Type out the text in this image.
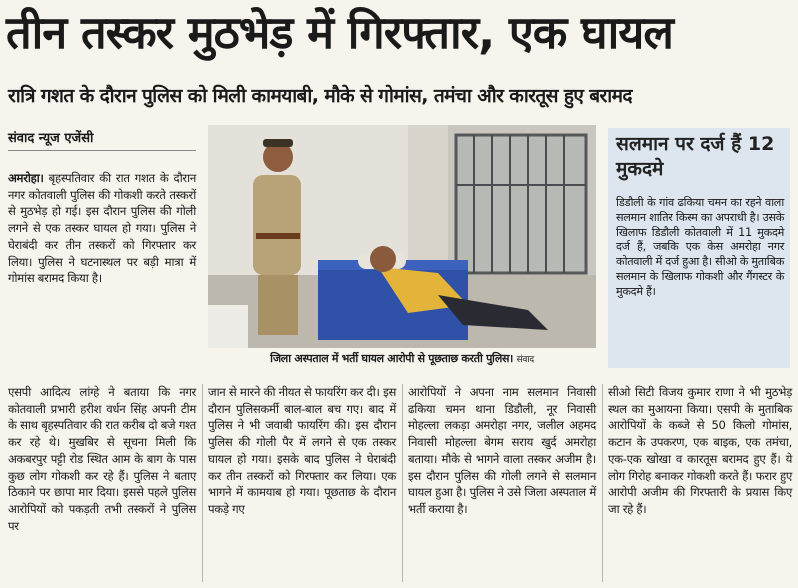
तीन तस्कर मुठभेड़ में गिरफ्तार, एक घायल
रात्रि गशत के दौरान पुलिस को मिली कामयाबी, मौके से गोमांस, तमंचा और कारतूस हुए बरामद
संवाद न्यूज एजेंसी
अमरोहा। बृहस्पतिवार की रात गशत के दौरान नगर कोतवाली पुलिस की गोकशी करते तस्करों से मुठभेड़ हो गई। इस दौरान पुलिस की गोली लगने से एक तस्कर घायल हो गया। पुलिस ने घेराबंदी कर तीन तस्करों को गिरफ्तार कर लिया। पुलिस ने घटनास्थल पर बड़ी मात्रा में गोमांस बरामद किया है।
जिला अस्पताल में भर्ती घायल आरोपी से पूछताछ करती पुलिस। संवाद
सलमान पर दर्ज हैं 12 मुकदमे
डिडौली के गांव ढकिया चमन का रहने वाला सलमान शातिर किस्म का अपराधी है। उसके खिलाफ डिडौली कोतवाली में 11 मुकदमे दर्ज हैं, जबकि एक केस अमरोहा नगर कोतवाली में दर्ज हुआ है। सीओ के मुताबिक सलमान के खिलाफ गोकशी और गैंगस्टर के मुकदमे हैं।
एसपी आदित्य लांग्हे ने बताया कि नगर कोतवाली प्रभारी हरीश वर्धन सिंह अपनी टीम के साथ बृहस्पतिवार की रात करीब दो बजे गश्त कर रहे थे। मुखबिर से सूचना मिली कि अकबरपुर पट्टी रोड स्थित आम के बाग के पास कुछ लोग गोकशी कर रहे हैं। पुलिस ने बताए ठिकाने पर छापा मार दिया। इससे पहले पुलिस आरोपियों को पकड़ती तभी तस्करों ने पुलिस पर
जान से मारने की नीयत से फायरिंग कर दी। इस दौरान पुलिसकर्मी बाल-बाल बच गए। बाद में पुलिस ने भी जवाबी फायरिंग की। इस दौरान पुलिस की गोली पैर में लगने से एक तस्कर घायल हो गया। इसके बाद पुलिस ने घेराबंदी कर तीन तस्करों को गिरफ्तार कर लिया। एक भागने में कामयाब हो गया। पूछताछ के दौरान पकड़े गए
आरोपियों ने अपना नाम सलमान निवासी ढकिया चमन थाना डिडौली, नूर निवासी मोहल्ला लकड़ा अमरोहा नगर, जलील अहमद निवासी मोहल्ला बेगम सराय खुर्द अमरोहा बताया। मौके से भागने वाला तस्कर अजीम है। इस दौरान पुलिस की गोली लगने से सलमान घायल हुआ है। पुलिस ने उसे जिला अस्पताल में भर्ती कराया है।
सीओ सिटी विजय कुमार राणा ने भी मुठभेड़ स्थल का मुआयना किया। एसपी के मुताबिक आरोपियों के कब्जे से 50 किलो गोमांस, कटान के उपकरण, एक बाइक, एक तमंचा, एक-एक खोखा व कारतूस बरामद हुए हैं। ये लोग गिरोह बनाकर गोकशी करते हैं। फरार हुए आरोपी अजीम की गिरफ्तारी के प्रयास किए जा रहे हैं।
